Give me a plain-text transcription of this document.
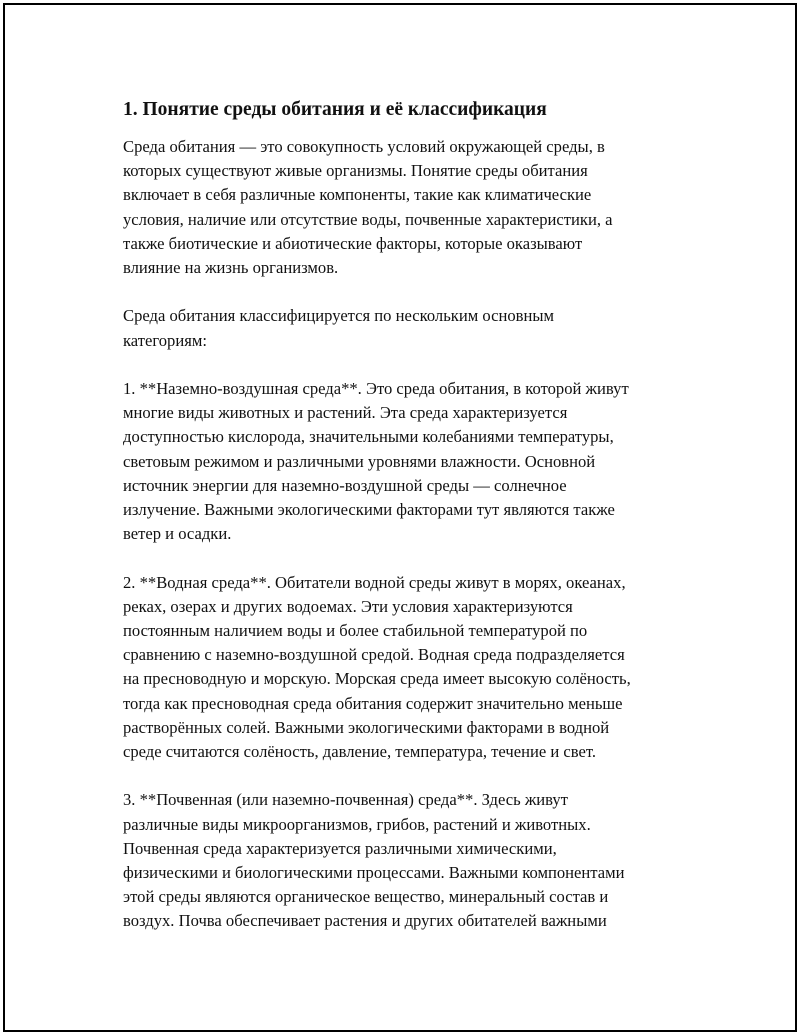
1. Понятие среды обитания и её классификация

Среда обитания — это совокупность условий окружающей среды, в
которых существуют живые организмы. Понятие среды обитания
включает в себя различные компоненты, такие как климатические
условия, наличие или отсутствие воды, почвенные характеристики, а
также биотические и абиотические факторы, которые оказывают
влияние на жизнь организмов.

Среда обитания классифицируется по нескольким основным
категориям:

1. **Наземно-воздушная среда**. Это среда обитания, в которой живут
многие виды животных и растений. Эта среда характеризуется
доступностью кислорода, значительными колебаниями температуры,
световым режимом и различными уровнями влажности. Основной
источник энергии для наземно-воздушной среды — солнечное
излучение. Важными экологическими факторами тут являются также
ветер и осадки.

2. **Водная среда**. Обитатели водной среды живут в морях, океанах,
реках, озерах и других водоемах. Эти условия характеризуются
постоянным наличием воды и более стабильной температурой по
сравнению с наземно-воздушной средой. Водная среда подразделяется
на пресноводную и морскую. Морская среда имеет высокую солёность,
тогда как пресноводная среда обитания содержит значительно меньше
растворённых солей. Важными экологическими факторами в водной
среде считаются солёность, давление, температура, течение и свет.

3. **Почвенная (или наземно-почвенная) среда**. Здесь живут
различные виды микроорганизмов, грибов, растений и животных.
Почвенная среда характеризуется различными химическими,
физическими и биологическими процессами. Важными компонентами
этой среды являются органическое вещество, минеральный состав и
воздух. Почва обеспечивает растения и других обитателей важными
